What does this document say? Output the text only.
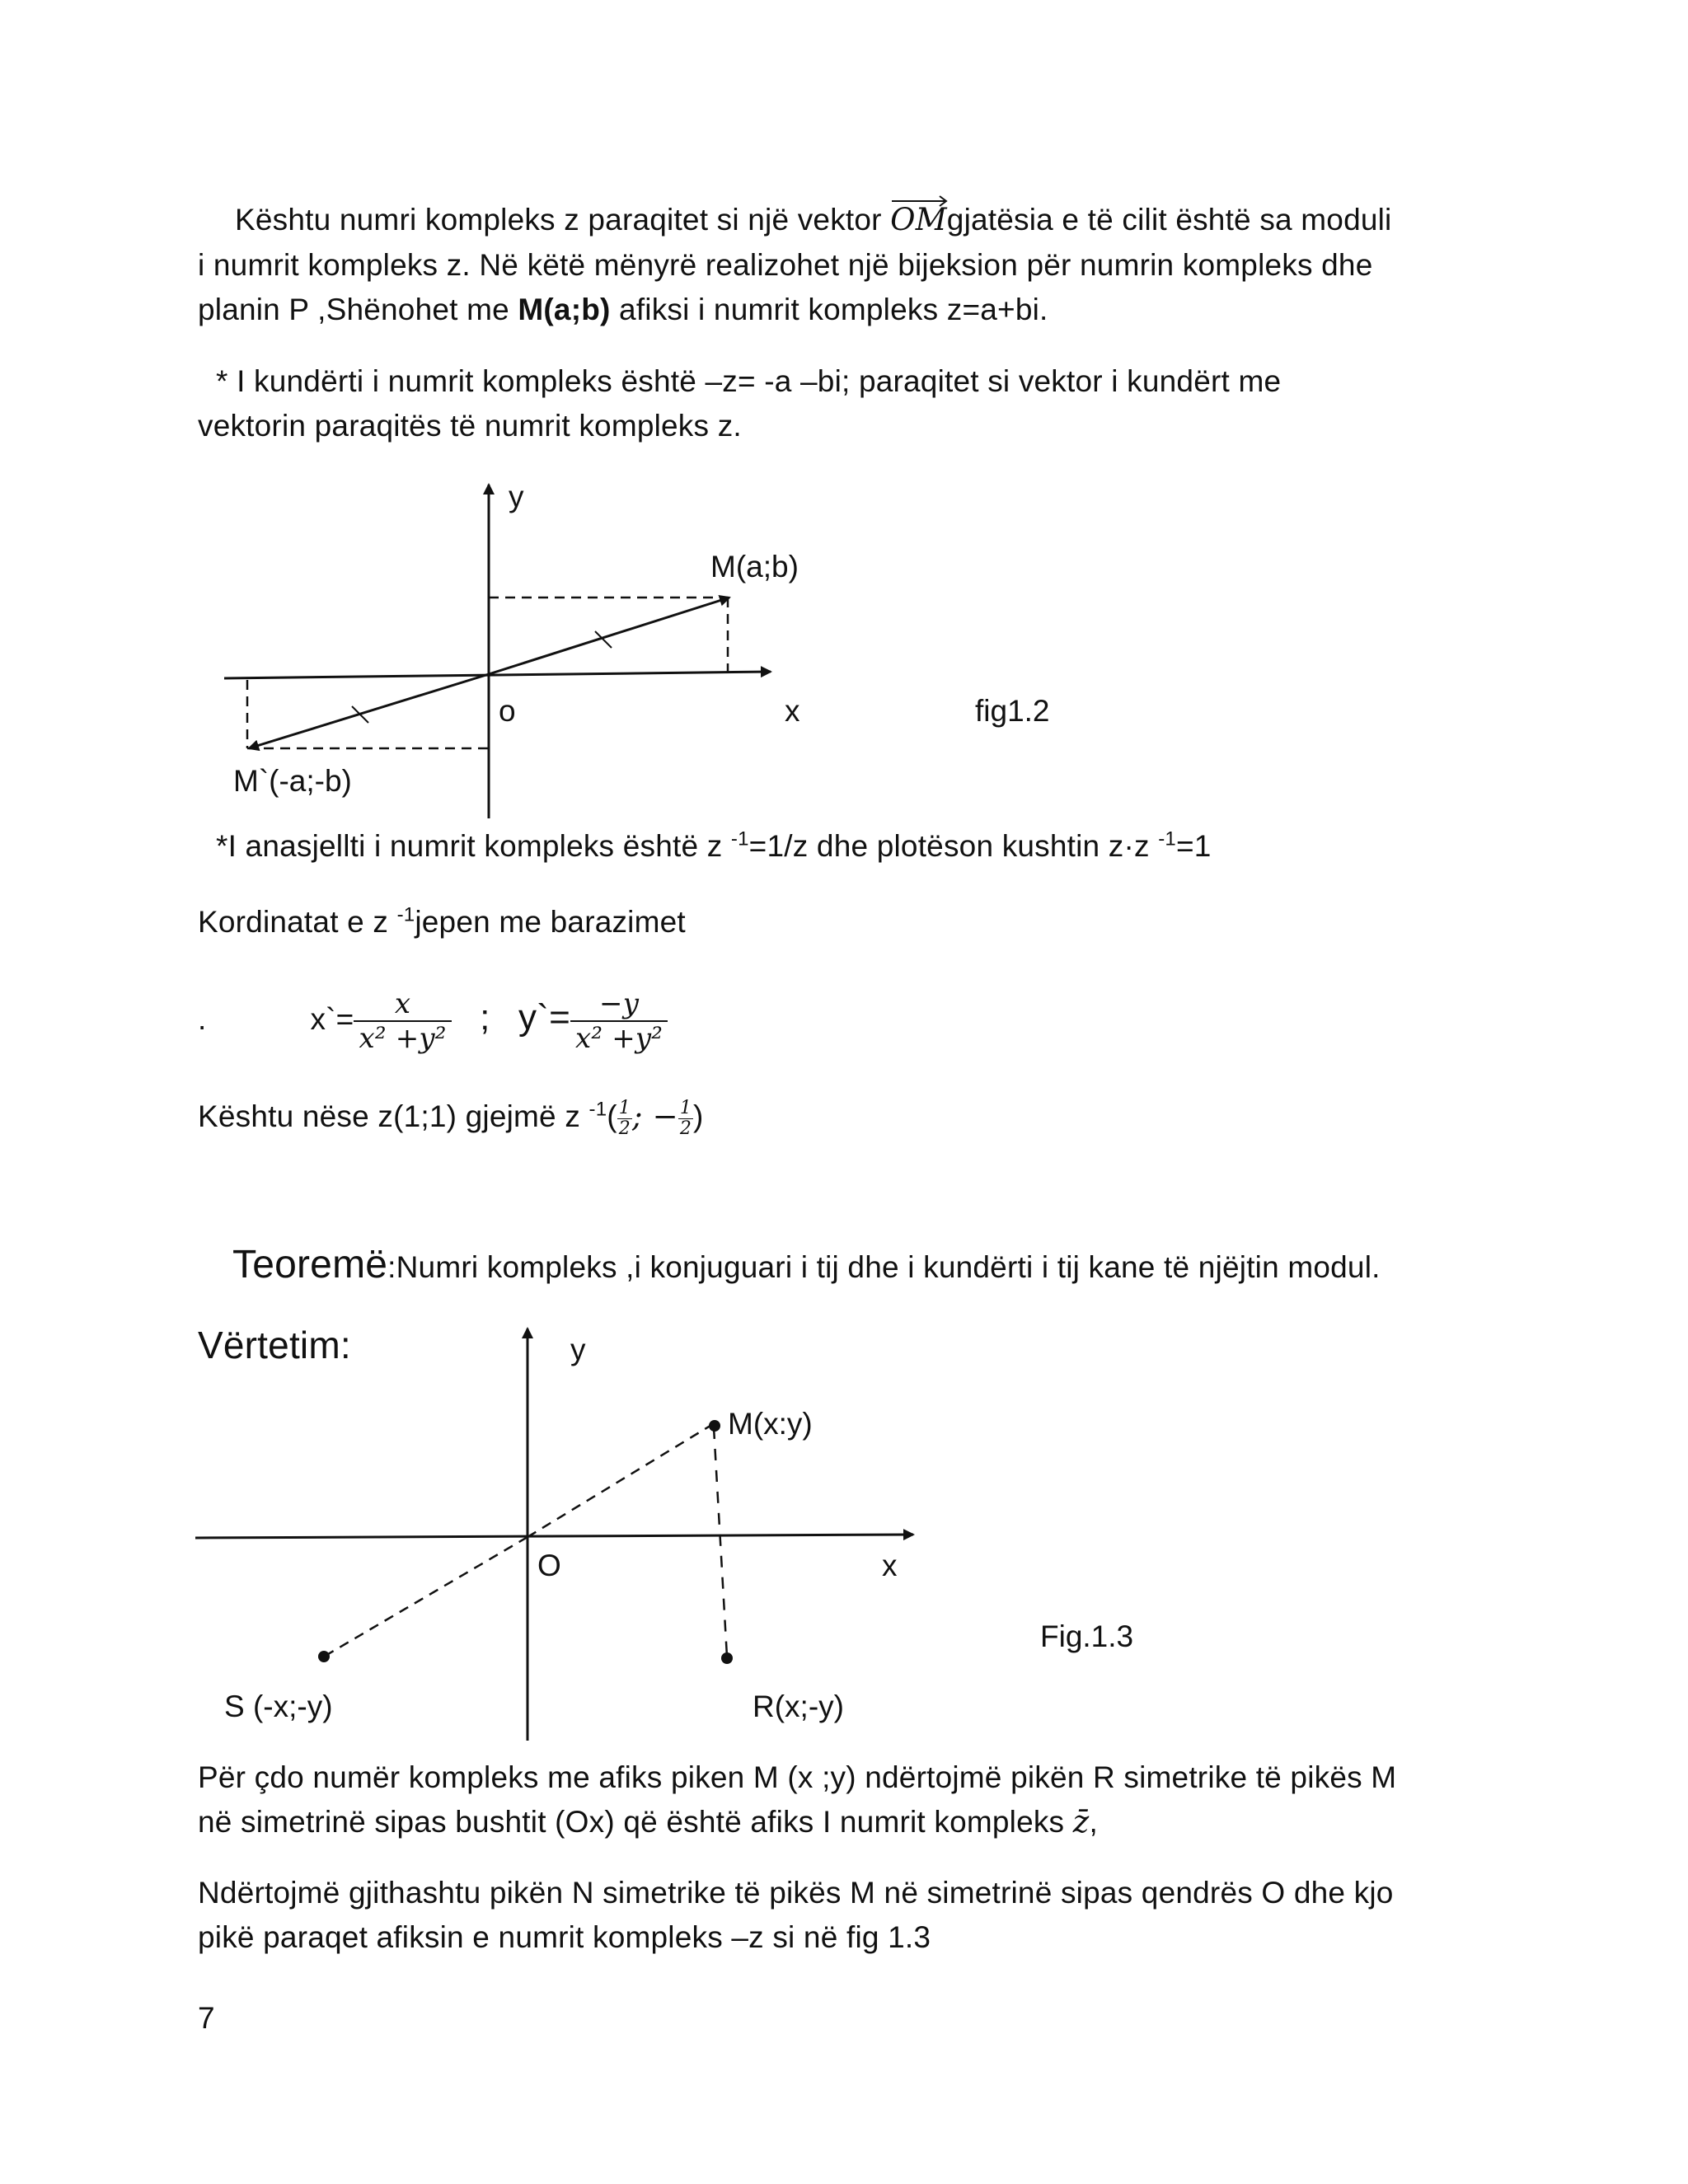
Kështu numri kompleks z paraqitet si një vektor OM
gjatësia e të cilit është sa moduli
i numrit kompleks z. Në këtë mënyrë realizohet një bijeksion për numrin kompleks dhe
planin P ,Shënohet me M(a;b) afiksi i numrit kompleks z=a+bi.
* I kundërti i numrit kompleks është –z= -a –bi; paraqitet si vektor i kundërt me
vektorin paraqitës të numrit kompleks z.
y
M(a;b)
o	x	fig1.2
M`(-a;-b)
y
M(x:y)
O	x
Fig.1.3
S (-x;-y)	R(x;-y)
*I anasjellti i numrit kompleks është z $^{-1}$=1/z dhe plotëson kushtin z·z $^{-1}$=1
Kordinatat e z $^{-1}$jepen me barazimet
.	x`= $\frac{x}{\text{x² +y²}}$ ; y`= $\frac{-y}{\text{x² +y²}}$
Kështu nëse z(1;1) gjejmë z $^{-1}( \frac{1}{2}$ ; − $\frac{1}{2}$ )
Teoremë:Numri kompleks ,i konjuguari i tij dhe i kundërti i tij kane të njëjtin modul.
Vërtetim:
Për çdo numër kompleks me afiks piken M (x ;y) ndërtojmë pikën R simetrike të pikës M
në simetrinë sipas bushtit (Ox) që është afiks I numrit kompleks z̄,
Ndërtojmë gjithashtu pikën N simetrike të pikës M në simetrinë sipas qendrës O dhe kjo
pikë paraqet afiksin e numrit kompleks –z si në fig 1.3
7
